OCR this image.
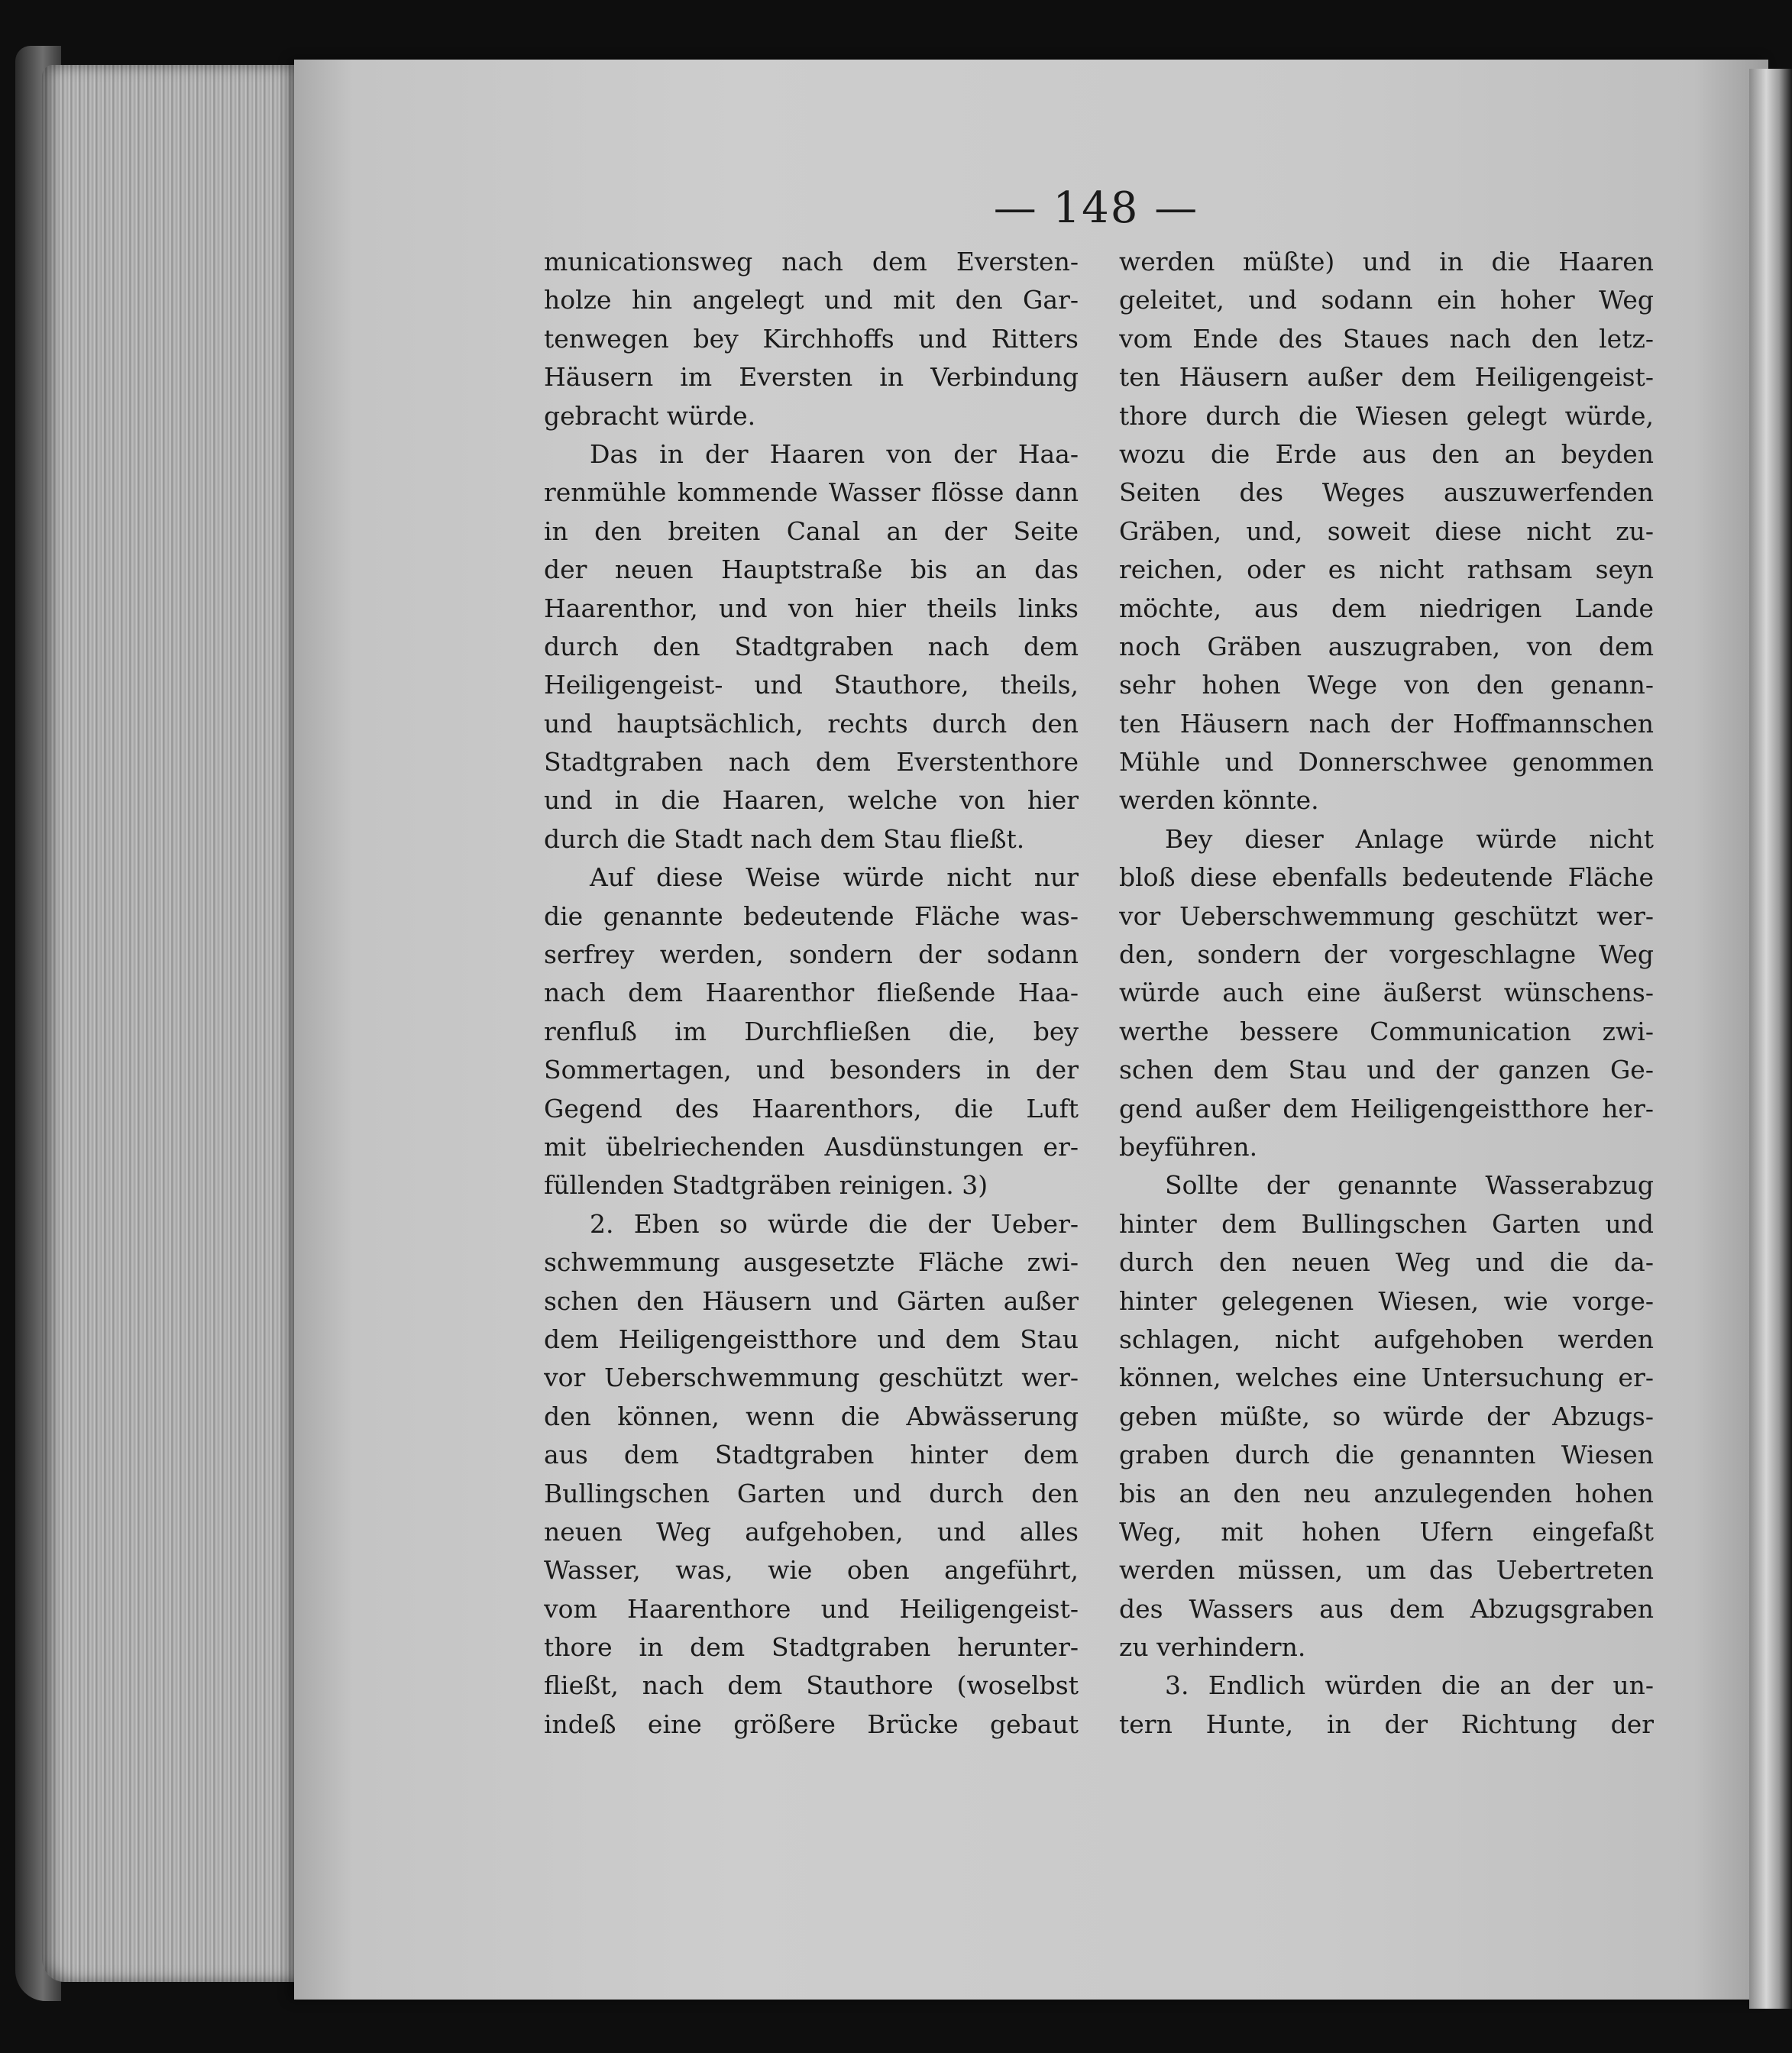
— 148 —
municationsweg nach dem Eversten-
holze hin angelegt und mit den Gar-
tenwegen bey Kirchhoffs und Ritters
Häusern im Eversten in Verbindung
gebracht würde.
Das in der Haaren von der Haa-
renmühle kommende Wasser flösse dann
in den breiten Canal an der Seite
der neuen Hauptstraße bis an das
Haarenthor, und von hier theils links
durch den Stadtgraben nach dem
Heiligengeist- und Stauthore, theils,
und hauptsächlich, rechts durch den
Stadtgraben nach dem Everstenthore
und in die Haaren, welche von hier
durch die Stadt nach dem Stau fließt.
Auf diese Weise würde nicht nur
die genannte bedeutende Fläche was-
serfrey werden, sondern der sodann
nach dem Haarenthor fließende Haa-
renfluß im Durchfließen die, bey
Sommertagen, und besonders in der
Gegend des Haarenthors, die Luft
mit übelriechenden Ausdünstungen er-
füllenden Stadtgräben reinigen. 3)
2. Eben so würde die der Ueber-
schwemmung ausgesetzte Fläche zwi-
schen den Häusern und Gärten außer
dem Heiligengeistthore und dem Stau
vor Ueberschwemmung geschützt wer-
den können, wenn die Abwässerung
aus dem Stadtgraben hinter dem
Bullingschen Garten und durch den
neuen Weg aufgehoben, und alles
Wasser, was, wie oben angeführt,
vom Haarenthore und Heiligengeist-
thore in dem Stadtgraben herunter-
fließt, nach dem Stauthore (woselbst
indeß eine größere Brücke gebaut
werden müßte) und in die Haaren
geleitet, und sodann ein hoher Weg
vom Ende des Staues nach den letz-
ten Häusern außer dem Heiligengeist-
thore durch die Wiesen gelegt würde,
wozu die Erde aus den an beyden
Seiten des Weges auszuwerfenden
Gräben, und, soweit diese nicht zu-
reichen, oder es nicht rathsam seyn
möchte, aus dem niedrigen Lande
noch Gräben auszugraben, von dem
sehr hohen Wege von den genann-
ten Häusern nach der Hoffmannschen
Mühle und Donnerschwee genommen
werden könnte.
Bey dieser Anlage würde nicht
bloß diese ebenfalls bedeutende Fläche
vor Ueberschwemmung geschützt wer-
den, sondern der vorgeschlagne Weg
würde auch eine äußerst wünschens-
werthe bessere Communication zwi-
schen dem Stau und der ganzen Ge-
gend außer dem Heiligengeistthore her-
beyführen.
Sollte der genannte Wasserabzug
hinter dem Bullingschen Garten und
durch den neuen Weg und die da-
hinter gelegenen Wiesen, wie vorge-
schlagen, nicht aufgehoben werden
können, welches eine Untersuchung er-
geben müßte, so würde der Abzugs-
graben durch die genannten Wiesen
bis an den neu anzulegenden hohen
Weg, mit hohen Ufern eingefaßt
werden müssen, um das Uebertreten
des Wassers aus dem Abzugsgraben
zu verhindern.
3. Endlich würden die an der un-
tern Hunte, in der Richtung der
